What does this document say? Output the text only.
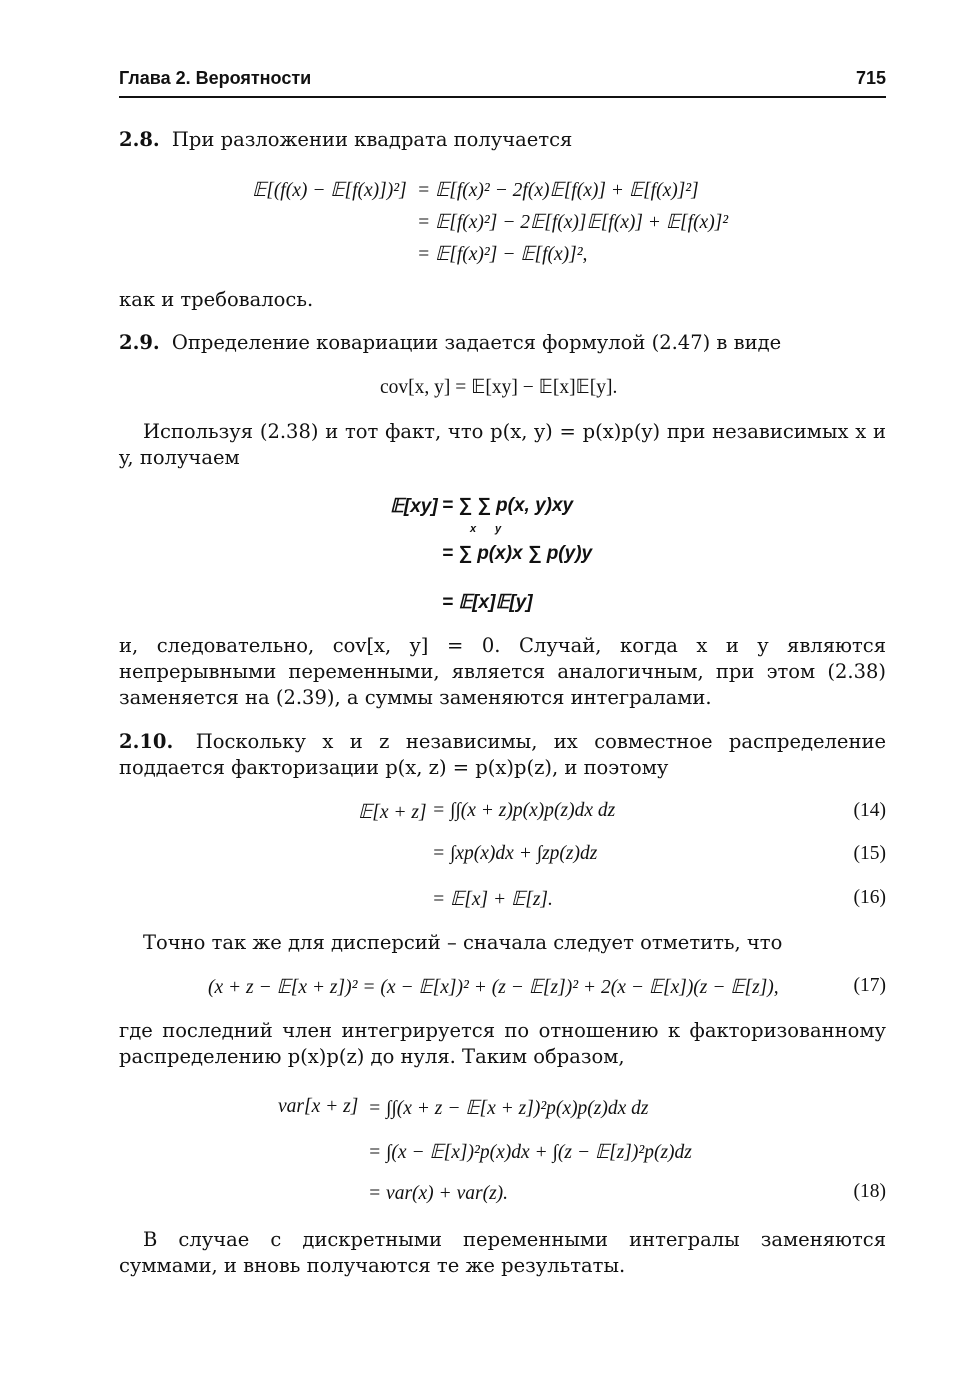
Глава 2. Вероятности	715
2.8. При разложении квадрата получается
𝔼[(f(x) − 𝔼[f(x)])²] = 𝔼[f(x)² − 2f(x)𝔼[f(x)] + 𝔼[f(x)]²]
= 𝔼[f(x)²] − 2𝔼[f(x)]𝔼[f(x)] + 𝔼[f(x)]²
= 𝔼[f(x)²] − 𝔼[f(x)]²,
как и требовалось.
2.9. Определение ковариации задается формулой (2.47) в виде
cov[x, y] = 𝔼[xy] − 𝔼[x]𝔼[y].
Используя (2.38) и тот факт, что p(x, y) = p(x)p(y) при независимых x и y, получаем
𝔼[xy] = ∑ ∑ p(x, y)xy
= ∑ p(x)x ∑ p(y)y
= 𝔼[x]𝔼[y]
x y
и, следовательно, cov[x, y] = 0. Случай, когда x и y являются непрерывными переменными, является аналогичным, при этом (2.38) заменяется на (2.39), а суммы заменяются интегралами.
2.10. Поскольку x и z независимы, их совместное распределение поддается факторизации p(x, z) = p(x)p(z), и поэтому
𝔼[x + z] = ∫∫(x + z)p(x)p(z)dx dz	(14)
= ∫xp(x)dx + ∫zp(z)dz	(15)
= 𝔼[x] + 𝔼[z].	(16)
Точно так же для дисперсий – сначала следует отметить, что
(x + z − 𝔼[x + z])² = (x − 𝔼[x])² + (z − 𝔼[z])² + 2(x − 𝔼[x])(z − 𝔼[z]),	(17)
где последний член интегрируется по отношению к факторизованному распределению p(x)p(z) до нуля. Таким образом,
var[x + z] = ∫∫(x + z − 𝔼[x + z])²p(x)p(z)dx dz
= ∫(x − 𝔼[x])²p(x)dx + ∫(z − 𝔼[z])²p(z)dz
= var(x) + var(z).	(18)
В случае с дискретными переменными интегралы заменяются суммами, и вновь получаются те же результаты.
